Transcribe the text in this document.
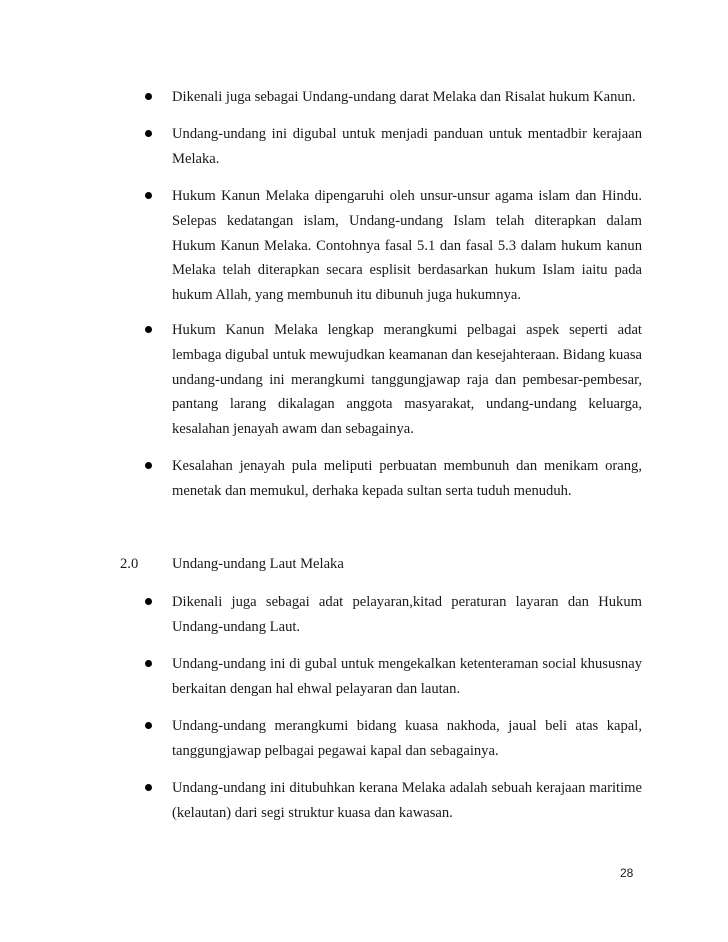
Dikenali juga sebagai Undang-undang darat Melaka dan Risalat hukum Kanun.
Undang-undang ini digubal untuk menjadi panduan untuk mentadbir kerajaan Melaka.
Hukum Kanun Melaka dipengaruhi oleh unsur-unsur agama islam dan Hindu. Selepas kedatangan islam, Undang-undang Islam telah diterapkan dalam Hukum Kanun Melaka. Contohnya fasal 5.1 dan fasal 5.3 dalam hukum kanun Melaka telah diterapkan secara esplisit berdasarkan hukum Islam iaitu pada hukum Allah, yang membunuh itu dibunuh juga hukumnya.
Hukum Kanun Melaka lengkap merangkumi pelbagai aspek seperti adat lembaga digubal untuk mewujudkan keamanan dan kesejahteraan. Bidang kuasa undang-undang ini merangkumi tanggungjawap raja dan pembesar-pembesar, pantang larang dikalagan anggota masyarakat, undang-undang keluarga, kesalahan jenayah awam dan sebagainya.
Kesalahan jenayah pula meliputi perbuatan membunuh dan menikam orang, menetak dan memukul, derhaka kepada sultan serta tuduh menuduh.
2.0 Undang-undang Laut Melaka
Dikenali juga sebagai adat pelayaran,kitad peraturan layaran dan Hukum Undang-undang Laut.
Undang-undang ini di gubal untuk mengekalkan ketenteraman social khususnay berkaitan dengan hal ehwal pelayaran dan lautan.
Undang-undang merangkumi bidang kuasa nakhoda, jaual beli atas kapal, tanggungjawap pelbagai pegawai kapal dan sebagainya.
Undang-undang ini ditubuhkan kerana Melaka adalah sebuah kerajaan maritime (kelautan) dari segi struktur kuasa dan kawasan.
28
